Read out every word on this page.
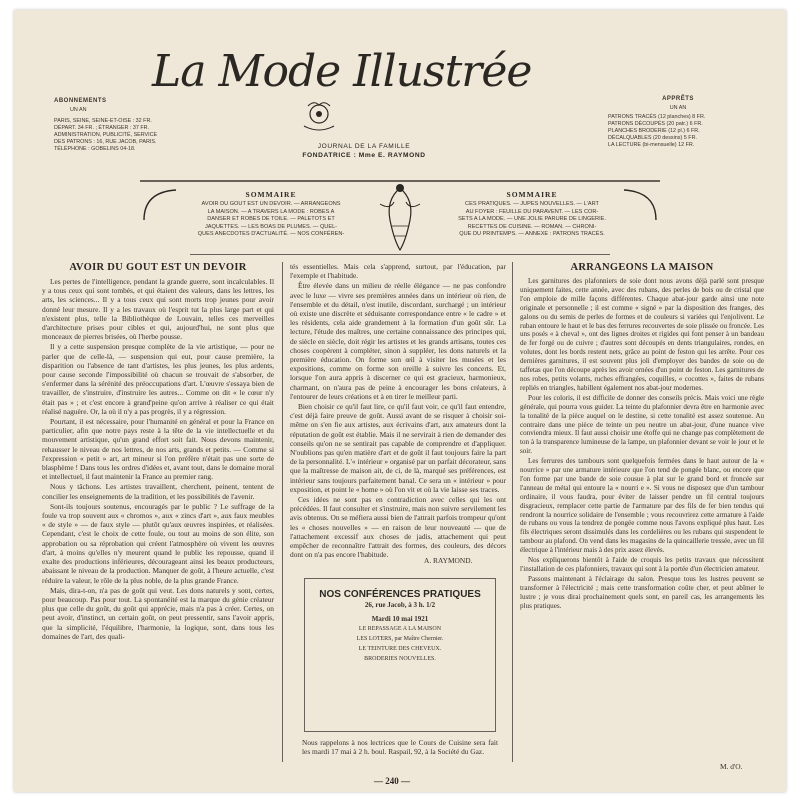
ABONNEMENTS
UN AN
PARIS, SEINE, SEINE-ET-OISE : 32 FR.
DÉPART. 34 FR. ; ÉTRANGER : 37 FR.
ADMINISTRATION, PUBLICITÉ, SERVICE
DES PATRONS : 16, RUE JACOB, PARIS.
TÉLÉPHONE : GOBELINS 04-18.
La Mode Illustrée
JOURNAL DE LA FAMILLE
FONDATRICE : Mme E. RAYMOND
APPRÊTS
UN AN
PATRONS TRACÉS (12 planches) 8 FR.
PATRONS DÉCOUPÉS (20 patr.) 6 FR.
PLANCHES BRODERIE (12 pl.) 6 FR.
DÉCALQUABLES (20 dessins) 5 FR.
LA LECTURE (bi-mensuelle) 12 FR.
SOMMAIRE
AVOIR DU GOUT EST UN DEVOIR. — ARRANGEONS
LA MAISON. — A TRAVERS LA MODE : ROBES A
DANSER ET ROBES DE TOILE. — PALETOTS ET
JAQUETTES. — LES BOAS DE PLUMES. — QUEL-
QUES ANECDOTES D'ACTUALITÉ. — NOS CONFÉREN-
SOMMAIRE
CES PRATIQUES. — JUPES NOUVELLES. — L'ART
AU FOYER : FEUILLE DU PARAVENT. — LES COR-
SETS A LA MODE. — UNE JOLIE PARURE DE LINGERIE.
RECETTES DE CUISINE. — ROMAN. — CHRONI-
QUE DU PRINTEMPS. — ANNEXE : PATRONS TRACÉS.
AVOIR DU GOUT EST UN DEVOIR

Les pertes de l'intelligence, pendant la grande guerre, sont incalculables. Il y a tous ceux qui sont tombés, et qui étaient des valeurs, dans les lettres, les arts, les sciences... Il y a tous ceux qui sont morts trop jeunes pour avoir donné leur mesure. Il y a les travaux où l'esprit tut la plus large part et qui n'existent plus, telle la Bibliothèque de Louvain, telles ces merveilles d'architecture prises pour cibles et qui, aujourd'hui, ne sont plus que monceaux de pierres brisées, où l'herbe pousse.

Il y a cette suspension presque complète de la vie artistique, — pour ne parler que de celle-là, — suspension qui eut, pour cause première, la disparition ou l'absence de tant d'artistes, les plus jeunes, les plus ardents, pour cause seconde l'impossibilité où chacun se trouvait de s'absorber, de s'enfermer dans la sérénité des préoccupations d'art. L'œuvre s'essaya bien de travailler, de s'instruire, d'instruire les autres... Comme on dit « le cœur n'y était pas » ; et c'est encore à grand'peine qu'on arrive à réaliser ce qui était réalisé naguère. Or, la où il n'y a pas progrès, il y a régression.

Pourtant, il est nécessaire, pour l'humanité en général et pour la France en particulier, afin que notre pays reste à la tête de la vie intellectuelle et du mouvement artistique, qu'un grand effort soit fait. Nous devons maintenir, rehausser le niveau de nos lettres, de nos arts, grands et petits. — Comme si l'expression « petit » art, art mineur si l'on préfère n'était pas une sorte de blasphème ! Dans tous les ordres d'idées et, avant tout, dans le domaine moral et intellectuel, il faut maintenir la France au premier rang.

Nous y tâchons. Les artistes travaillent, cherchent, peinent, tentent de concilier les enseignements de la tradition, et les possibilités de l'avenir.

Sont-ils toujours soutenus, encouragés par le public ? Le suffrage de la foule va trop souvent aux « chromos », aux « zincs d'art », aux faux meubles « de style » — de faux style — plutôt qu'aux œuvres inspirées, et réalisées. Cependant, c'est le choix de cette foule, ou tout au moins de son élite, son approbation ou sa réprobation qui créent l'atmosphère où vivent les œuvres d'art, à moins qu'elles n'y meurent quand le public les repousse, quand il exalte des productions inférieures, décourageant ainsi les beaux producteurs, abaissant le niveau de la production. Manquer de goût, à l'heure actuelle, c'est réduire la valeur, le rôle de la plus noble, de la plus grande France.

Mais, dira-t-on, n'a pas de goût qui veut. Les dons naturels y sont, certes, pour beaucoup. Pas pour tout. La spontanéité est la marque du génie créateur plus que celle du goût, du goût qui apprécie, mais n'a pas à créer. Certes, on peut avoir, d'instinct, un certain goût, on peut pressentir, sans l'avoir appris, que la simplicité, l'équilibre, l'harmonie, la logique, sont, dans tous les domaines de l'art, des quali-

tés essentielles. Mais cela s'apprend, surtout, par l'éducation, par l'exemple et l'habitude.

Être élevée dans un milieu de réelle élégance — ne pas confondre avec le luxe — vivre ses premières années dans un intérieur où rien, de l'ensemble et du détail, n'est inutile, discordant, surchargé ; un intérieur où existe une discrète et séduisante correspondance entre « le cadre » et les résidents, cela aide grandement à la formation d'un goût sûr. La lecture, l'étude des maîtres, une certaine connaissance des principes qui, de siècle en siècle, doit régir les artistes et les grands artisans, toutes ces choses coopèrent à compléter, sinon à suppléer, les dons naturels et la première éducation. On forme son œil à visiter les musées et les expositions, comme on forme son oreille à suivre les concerts. Et, lorsque l'on aura appris à discerner ce qui est gracieux, harmonieux, charmant, on n'aura pas de peine à encourager les bons créateurs, à l'entourer de leurs créations et à en tirer le meilleur parti.

Bien choisir ce qu'il faut lire, ce qu'il faut voir, ce qu'il faut entendre, c'est déjà faire preuve de goût. Aussi avant de se risquer à choisir soi-même on s'en fie aux artistes, aux écrivains d'art, aux amateurs dont la réputation de goût est établie. Mais il ne servirait à rien de demander des conseils qu'on ne se sentirait pas capable de comprendre et d'appliquer. N'oublions pas qu'en matière d'art et de goût il faut toujours faire la part de la personnalité. L'« intérieur » organisé par un parfait décorateur, sans que la maîtresse de maison ait, de ci, de là, marqué ses préférences, est intérieur sans toujours parfaitement banal. Ce sera un « intérieur » pour exposition, et point le « home » où l'on vit et où la vie laisse ses traces.

Ces idées ne sont pas en contradiction avec celles qui les ont précédées. Il faut consulter et s'instruire, mais non suivre servilement les avis obtenus. On se méfiera aussi bien de l'attrait parfois trompeur qu'ont les « choses nouvelles » — en raison de leur nouveauté — que de l'attachement excessif aux choses de jadis, attachement qui peut empêcher de reconnaître l'attrait des formes, des couleurs, des décors dont on n'a pas encore l'habitude.

A. RAYMOND.
NOS CONFÉRENCES PRATIQUES
26, rue Jacob, à 3 h. 1/2
Mardi 10 mai 1921
LE REPASSAGE A LA MAISON
LES LOTERS, par Maître Chernier.
LE TEINTURE DES CHEVEUX.
BRODERIES NOUVELLES.
Nous rappelons à nos lectrices que le Cours de Cuisine sera fait les mardi 17 mai à 2 h. boul. Raspail, 92, à la Société du Gaz.
ARRANGEONS LA MAISON

Les garnitures des plafonniers de soie dont nous avons déjà parlé sont presque uniquement faites, cette année, avec des rubans, des perles de bois ou de cristal que l'on emploie de mille façons différentes. Chaque abat-jour garde ainsi une note originale et personnelle ; il est comme « signé » par la disposition des franges, des galons ou du semis de perles de formes et de couleurs si variées qui l'enjolivent. Le ruban entoure le haut et le bas des ferrures recouvertes de soie plissée ou froncée. Les uns posés « à cheval », ont des lignes droites et rigides qui font penser à un bandeau de fer forgé ou de cuivre ; d'autres sont découpés en dents triangulaires, rondes, en volutes, dont les bords restent nets, grâce au point de feston qui les arrête. Pour ces dernières garnitures, il est souvent plus joli d'employer des bandes de soie ou de taffetas que l'on découpe après les avoir ornées d'un point de feston. Les garnitures de nos robes, petits volants, ruches effrangées, coquilles, « cocottes », faites de rubans repliés en triangles, habillent également nos abat-jour modernes.

Pour les coloris, il est difficile de donner des conseils précis. Mais voici une règle générale, qui pourra vous guider. La teinte du plafonnier devra être en harmonie avec la tonalité de la pièce auquel on le destine, si cette tonalité est assez soutenue. Au contraire dans une pièce de teinte un peu neutre un abat-jour, d'une nuance vive conviendra mieux. Il faut aussi choisir une étoffe qui ne change pas complètement de ton à la transparence lumineuse de la lampe, un plafonnier devant se voir le jour et le soir.

Les ferrures des tambours sont quelquefois fermées dans le haut autour de la « nourrice » par une armature intérieure que l'on tend de pongée blanc, ou encore que l'on forme par une bande de soie cousue à plat sur le grand bord et froncée sur l'anneau de métal qui entoure la « nourri e ». Si vous ne disposez que d'un tambour ordinaire, il vous faudra, pour éviter de laisser pendre un fil central toujours disgracieux, remplacer cette partie de l'armature par des fils de fer bien tendus qui rendront la nourrice solidaire de l'ensemble ; vous recouvrirez cette armature à l'aide de rubans ou vous la tendrez de pongée comme nous l'avons expliqué plus haut. Les fils électriques seront dissimulés dans les cordelières ou les rubans qui suspendent le tambour au plafond. On vend dans les magasins de la quincaillerie tressée, avec un fil électrique à l'intérieur mais à des prix assez élevés.

Nos expliquerons bientôt à l'aide de croquis les petits travaux que nécessitent l'installation de ces plafonniers, travaux qui sont à la portée d'un électricien amateur.

Passons maintenant à l'éclairage du salon. Presque tous les lustres peuvent se transformer à l'électricité ; mais cette transformation coûte cher, et peut abîmer le lustre ; je vous dirai prochainement quels sont, en pareil cas, les arrangements les plus pratiques.

M. d'O.
— 240 —
